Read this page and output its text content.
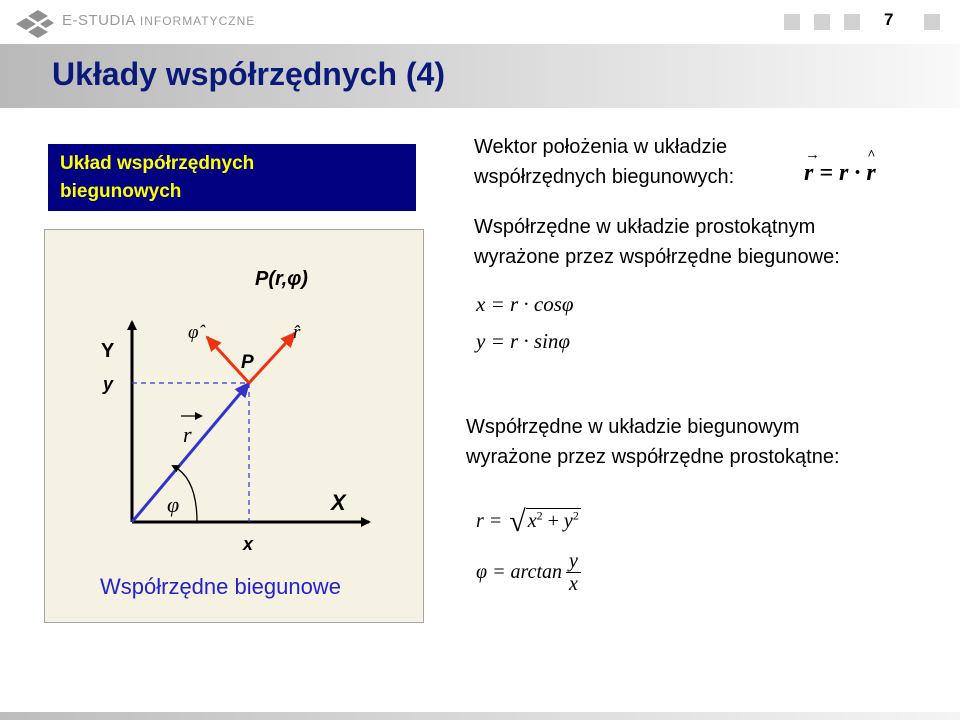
E-STUDIA INFORMATYCZNE	7
Układy współrzędnych (4)
Układ współrzędnych
biegunowych
P(r,φ)
φ̂	r̂
P
Y
y
r
φ	X
x
Współrzędne biegunowe
Wektor położenia w układzie
współrzędnych biegunowych:
→
r = r ·
^
r
Współrzędne w układzie prostokątnym
wyrażone przez współrzędne biegunowe:
x = r · cosφ
y = r · sinφ
Współrzędne w układzie biegunowym
wyrażone przez współrzędne prostokątne:
r = √ $x^2 + y^2$
$\varphi = \arctan \frac{y}{x}$
